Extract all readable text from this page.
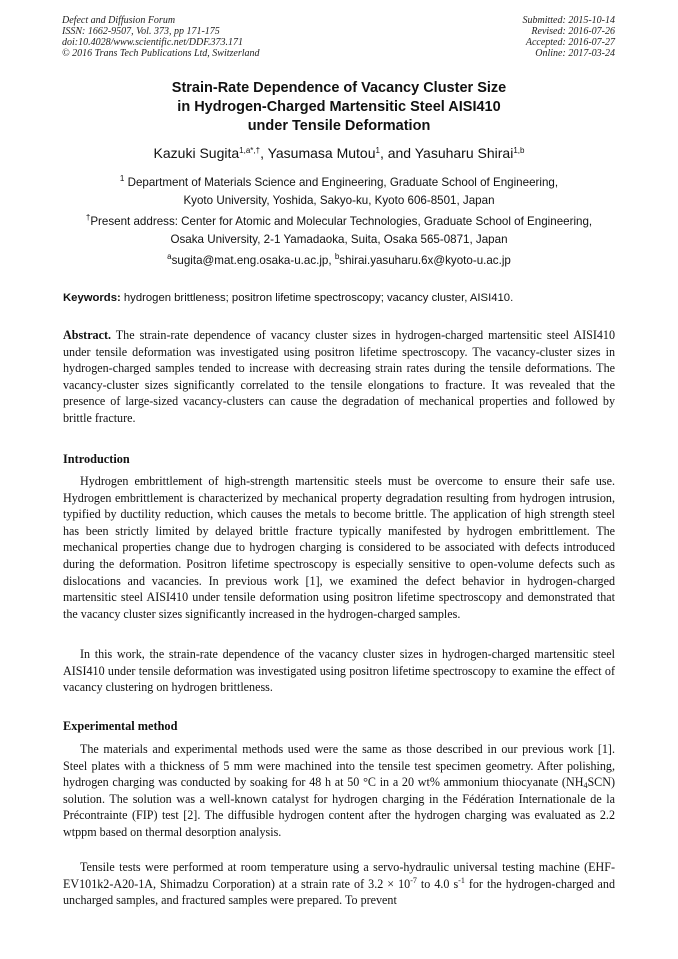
Defect and Diffusion Forum
ISSN: 1662-9507, Vol. 373, pp 171-175
doi:10.4028/www.scientific.net/DDF.373.171
© 2016 Trans Tech Publications Ltd, Switzerland
Submitted: 2015-10-14
Revised: 2016-07-26
Accepted: 2016-07-27
Online: 2017-03-24
Strain-Rate Dependence of Vacancy Cluster Size
in Hydrogen-Charged Martensitic Steel AISI410
under Tensile Deformation
Kazuki Sugita$^{1,a*,\dagger}$, Yasumasa Mutou$^1$, and Yasuharu Shirai$^{1,b}$
$^1$ Department of Materials Science and Engineering, Graduate School of Engineering,
Kyoto University, Yoshida, Sakyo-ku, Kyoto 606-8501, Japan
†Present address: Center for Atomic and Molecular Technologies, Graduate School of Engineering,
Osaka University, 2-1 Yamadaoka, Suita, Osaka 565-0871, Japan
$^a$sugita@mat.eng.osaka-u.ac.jp, $^b$shirai.yasuharu.6x@kyoto-u.ac.jp
Keywords: hydrogen brittleness; positron lifetime spectroscopy; vacancy cluster, AISI410.
Abstract. The strain-rate dependence of vacancy cluster sizes in hydrogen-charged martensitic steel AISI410 under tensile deformation was investigated using positron lifetime spectroscopy. The vacancy-cluster sizes in hydrogen-charged samples tended to increase with decreasing strain rates during the tensile deformations. The vacancy-cluster sizes significantly correlated to the tensile elongations to fracture. It was revealed that the presence of large-sized vacancy-clusters can cause the degradation of mechanical properties and followed by brittle fracture.
Introduction
Hydrogen embrittlement of high-strength martensitic steels must be overcome to ensure their safe use. Hydrogen embrittlement is characterized by mechanical property degradation resulting from hydrogen intrusion, typified by ductility reduction, which causes the metals to become brittle. The application of high strength steel has been strictly limited by delayed brittle fracture typically manifested by hydrogen embrittlement. The mechanical properties change due to hydrogen charging is considered to be associated with defects introduced during the deformation. Positron lifetime spectroscopy is especially sensitive to open-volume defects such as dislocations and vacancies. In previous work [1], we examined the defect behavior in hydrogen-charged martensitic steel AISI410 under tensile deformation using positron lifetime spectroscopy and demonstrated that the vacancy cluster sizes significantly increased in the hydrogen-charged samples.
In this work, the strain-rate dependence of the vacancy cluster sizes in hydrogen-charged martensitic steel AISI410 under tensile deformation was investigated using positron lifetime spectroscopy to examine the effect of vacancy clustering on hydrogen brittleness.
Experimental method
The materials and experimental methods used were the same as those described in our previous work [1]. Steel plates with a thickness of 5 mm were machined into the tensile test specimen geometry. After polishing, hydrogen charging was conducted by soaking for 48 h at 50 °C in a 20 wt% ammonium thiocyanate $(NH_4SCN)$ solution. The solution was a well-known catalyst for hydrogen charging in the Fédération Internationale de la Précontrainte (FIP) test [2]. The diffusible hydrogen content after the hydrogen charging was evaluated as 2.2 wtppm based on thermal desorption analysis.
Tensile tests were performed at room temperature using a servo-hydraulic universal testing machine (EHF-EV101k2-A20-1A, Shimadzu Corporation) at a strain rate of $3.2 \times 10^{-7}$ to 4.0 $s^{-1}$ for the hydrogen-charged and uncharged samples, and fractured samples were prepared. To prevent
